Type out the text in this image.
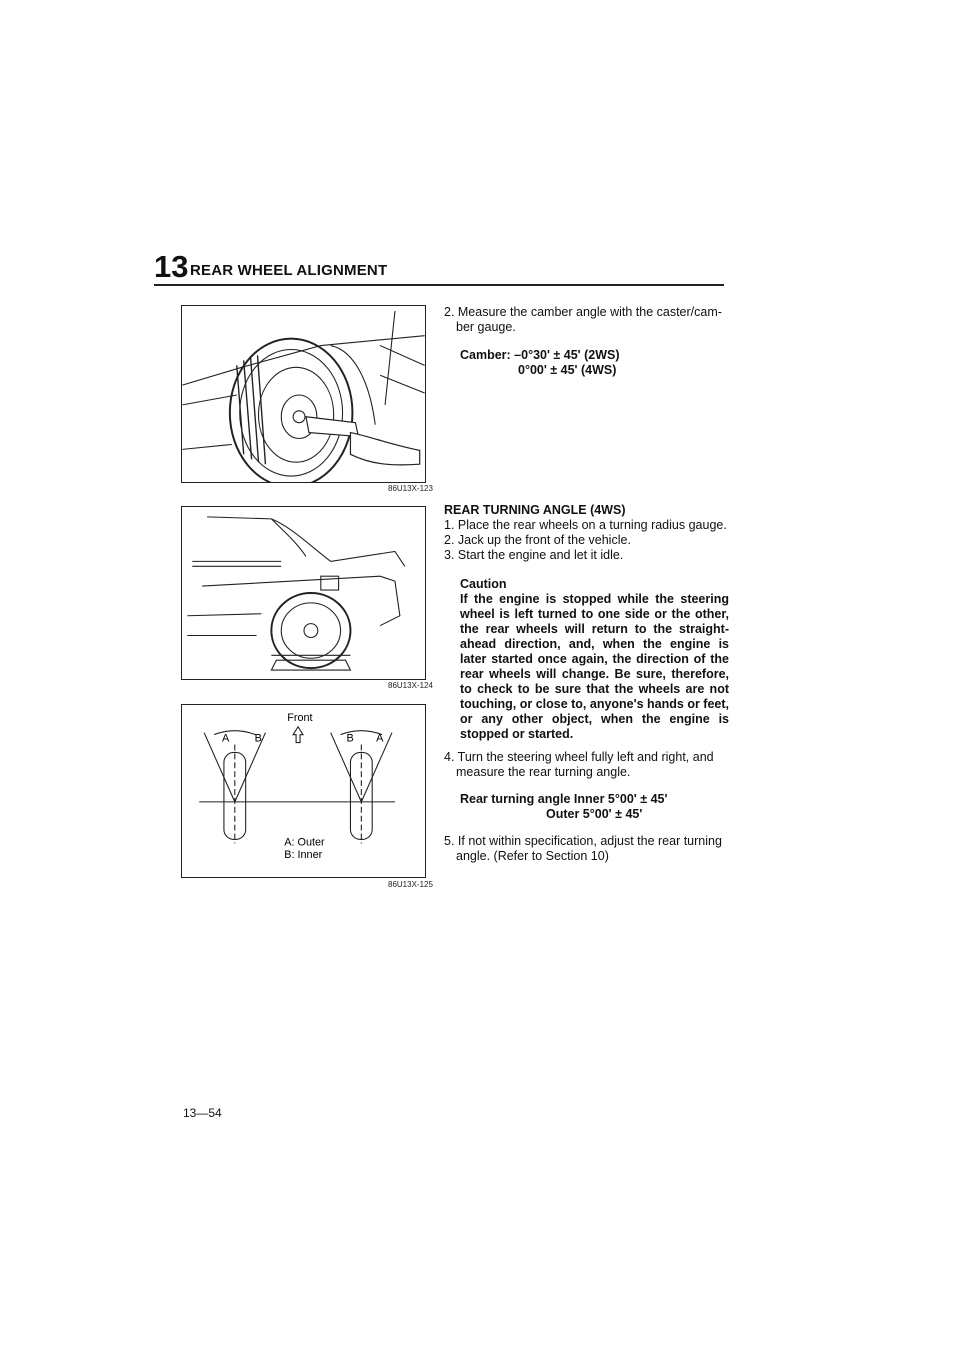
13 REAR WHEEL ALIGNMENT
86U13X-123
86U13X-124
Front
A B	B A
A: Outer
B: Inner
86U13X-125

2. Measure the camber angle with the caster/cam-ber gauge.

Camber: –0°30' ± 45' (2WS)

0°00' ± 45' (4WS)

REAR TURNING ANGLE (4WS)

1. Place the rear wheels on a turning radius gauge.

2. Jack up the front of the vehicle.

3. Start the engine and let it idle.

Caution

If the engine is stopped while the steering wheel is left turned to one side or the other, the rear wheels will return to the straight-ahead direction, and, when the engine is later started once again, the direction of the rear wheels will change. Be sure, therefore, to check to be sure that the wheels are not touching, or close to, anyone's hands or feet, or any other object, when the engine is stopped or started.

4. Turn the steering wheel fully left and right, and measure the rear turning angle.

Rear turning angle Inner 5°00' ± 45'

Outer 5°00' ± 45'

5. If not within specification, adjust the rear turning angle. (Refer to Section 10)

13—54
